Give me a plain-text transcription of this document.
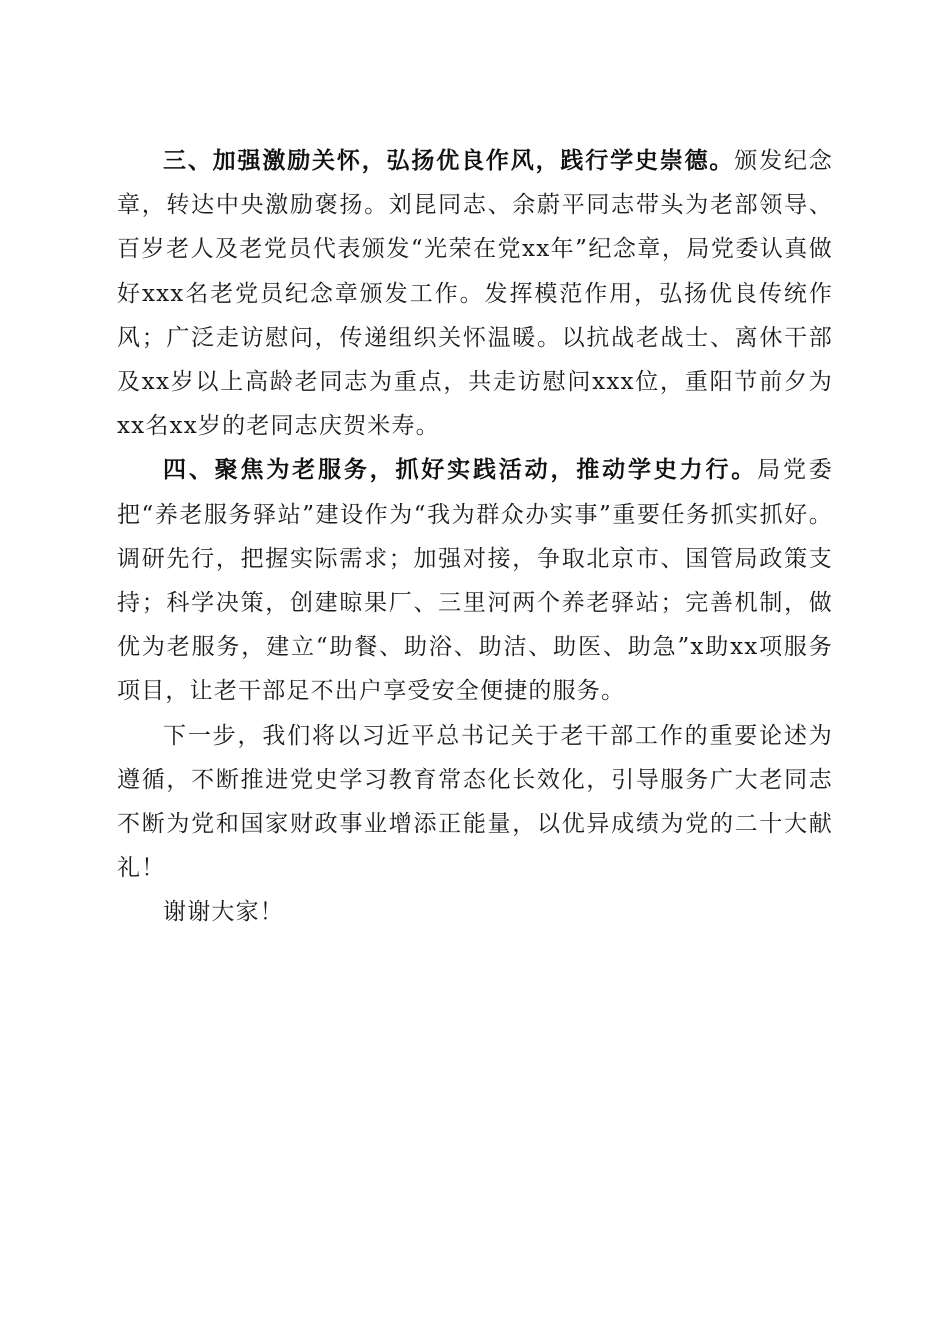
三、加强激励关怀，弘扬优良作风，践行学史崇德。颁发纪念章，转达中央激励褒扬。刘昆同志、余蔚平同志带头为老部领导、百岁老人及老党员代表颁发“光荣在党xx年”纪念章，局党委认真做好xxx名老党员纪念章颁发工作。发挥模范作用，弘扬优良传统作风；广泛走访慰问，传递组织关怀温暖。以抗战老战士、离休干部及xx岁以上高龄老同志为重点，共走访慰问xxx位，重阳节前夕为xx名xx岁的老同志庆贺米寿。

四、聚焦为老服务，抓好实践活动，推动学史力行。局党委把“养老服务驿站”建设作为“我为群众办实事”重要任务抓实抓好。调研先行，把握实际需求；加强对接，争取北京市、国管局政策支持；科学决策，创建晾果厂、三里河两个养老驿站；完善机制，做优为老服务，建立“助餐、助浴、助洁、助医、助急”x助xx项服务项目，让老干部足不出户享受安全便捷的服务。

下一步，我们将以习近平总书记关于老干部工作的重要论述为遵循，不断推进党史学习教育常态化长效化，引导服务广大老同志不断为党和国家财政事业增添正能量，以优异成绩为党的二十大献礼！

谢谢大家！
